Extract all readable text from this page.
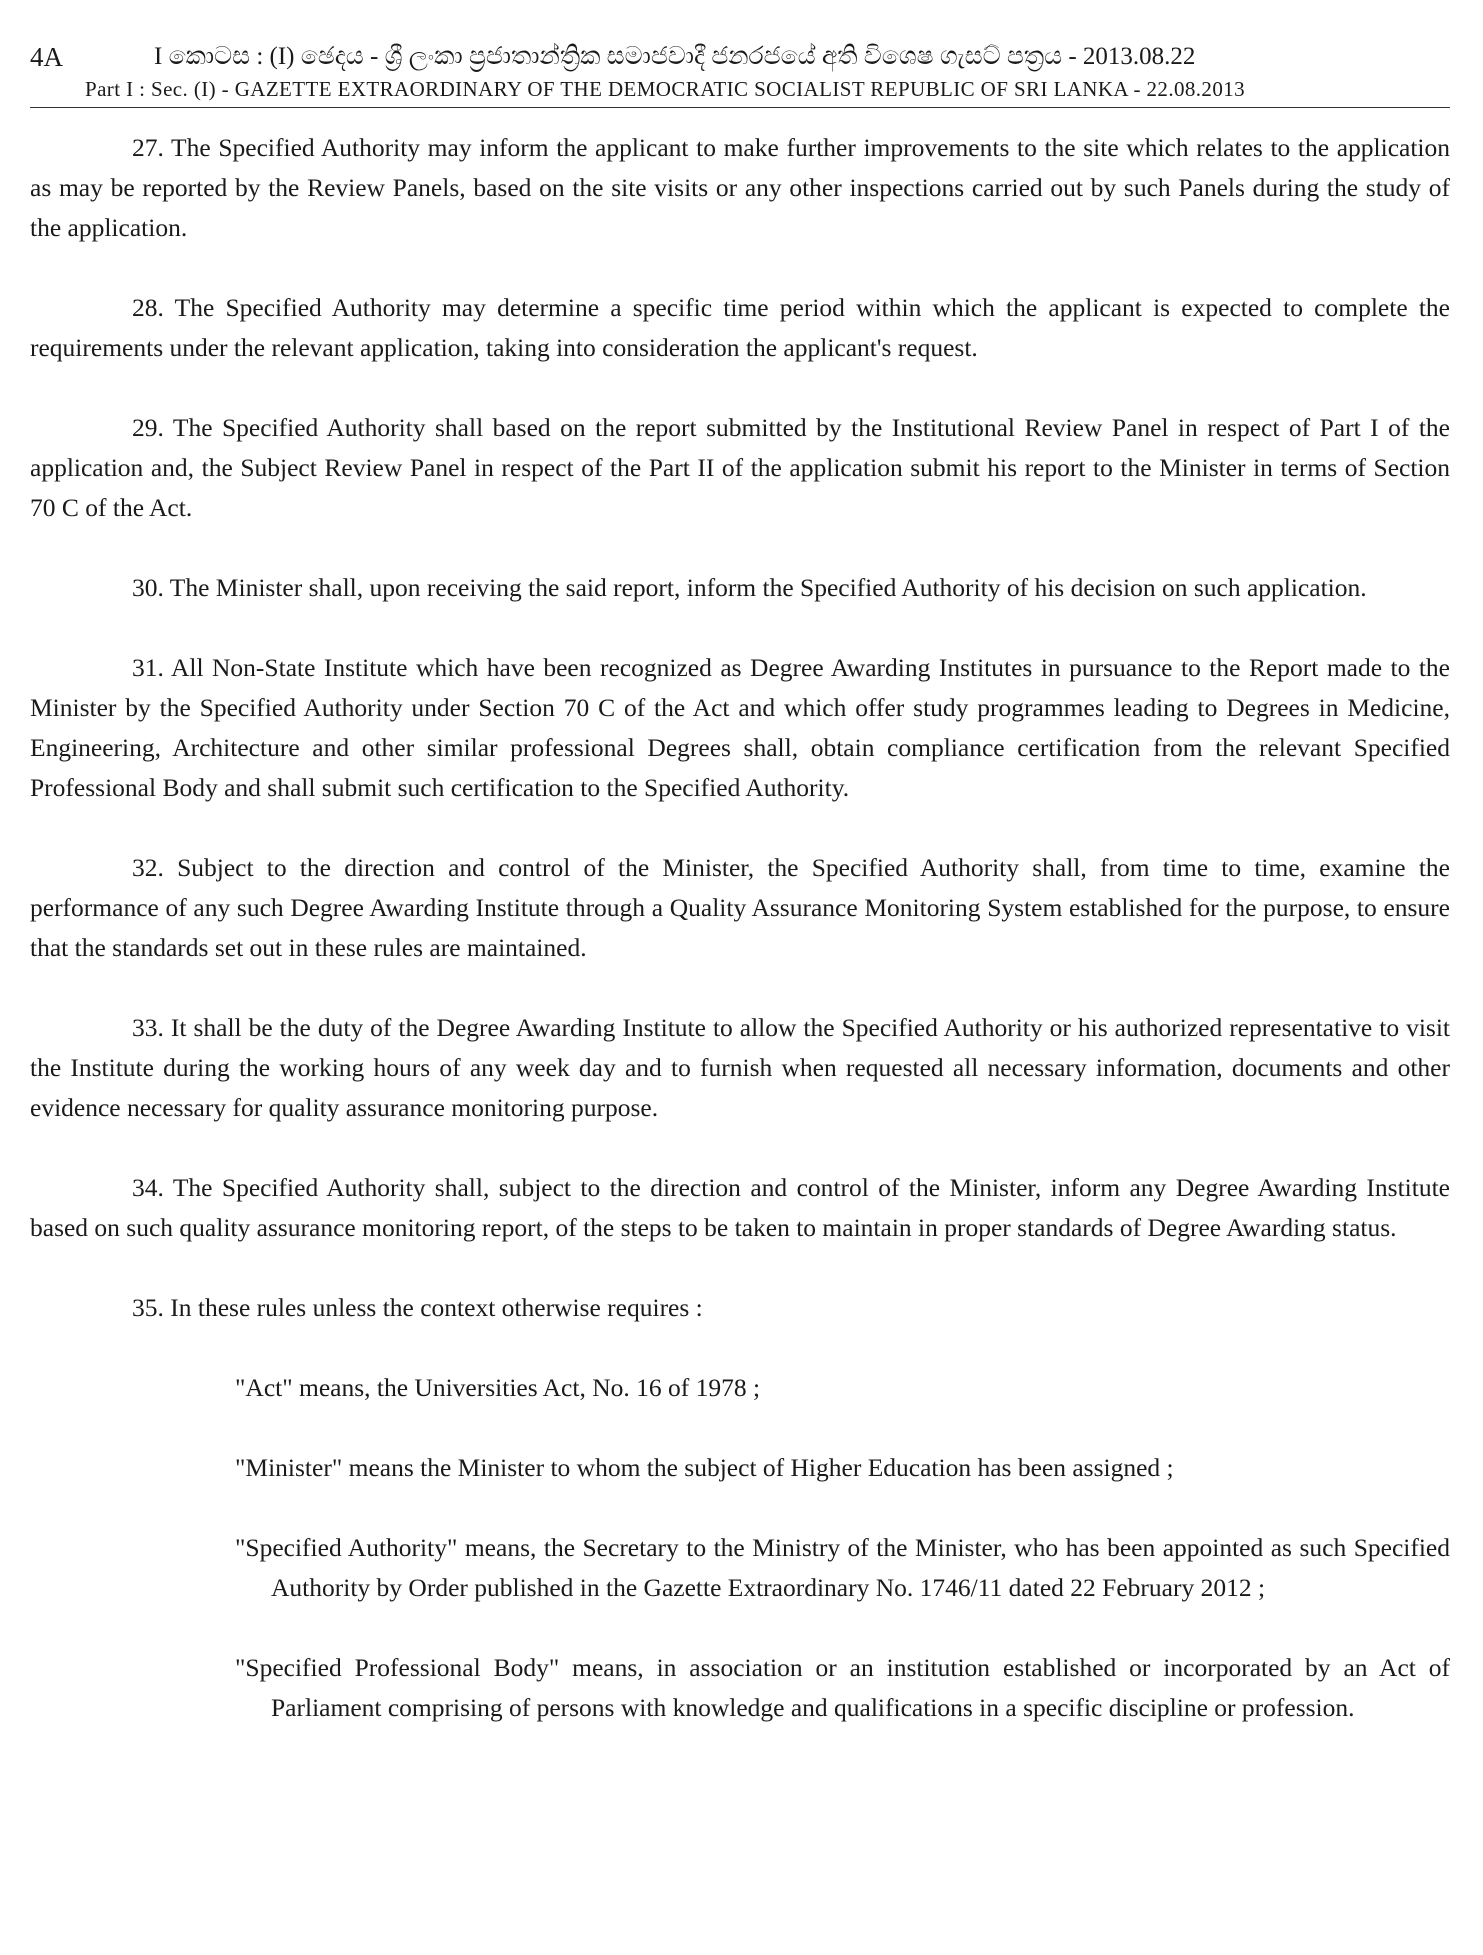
4A	I කොටස : (I) ඡෙදය - ශ්‍රී ලංකා ප්‍රජාතාන්ත්‍රික සමාජවාදී ජනරජයේ අති විශෙෂ ගැසට් පත්‍රය - 2013.08.22
Part I : Sec. (I) - GAZETTE EXTRAORDINARY OF THE DEMOCRATIC SOCIALIST REPUBLIC OF SRI LANKA - 22.08.2013

27. The Specified Authority may inform the applicant to make further improvements to the site which relates to the application as may be reported by the Review Panels, based on the site visits or any other inspections carried out by such Panels during the study of the application.

28. The Specified Authority may determine a specific time period within which the applicant is expected to complete the requirements under the relevant application, taking into consideration the applicant's request.

29. The Specified Authority shall based on the report submitted by the Institutional Review Panel in respect of Part I of the application and, the Subject Review Panel in respect of the Part II of the application submit his report to the Minister in terms of Section 70 C of the Act.

30. The Minister shall, upon receiving the said report, inform the Specified Authority of his decision on such application.

31. All Non-State Institute which have been recognized as Degree Awarding Institutes in pursuance to the Report made to the Minister by the Specified Authority under Section 70 C of the Act and which offer study programmes leading to Degrees in Medicine, Engineering, Architecture and other similar professional Degrees shall, obtain compliance certification from the relevant Specified Professional Body and shall submit such certification to the Specified Authority.

32. Subject to the direction and control of the Minister, the Specified Authority shall, from time to time, examine the performance of any such Degree Awarding Institute through a Quality Assurance Monitoring System established for the purpose, to ensure that the standards set out in these rules are maintained.

33. It shall be the duty of the Degree Awarding Institute to allow the Specified Authority or his authorized representative to visit the Institute during the working hours of any week day and to furnish when requested all necessary information, documents and other evidence necessary for quality assurance monitoring purpose.

34. The Specified Authority shall, subject to the direction and control of the Minister, inform any Degree Awarding Institute based on such quality assurance monitoring report, of the steps to be taken to maintain in proper standards of Degree Awarding status.

35. In these rules unless the context otherwise requires :

"Act" means, the Universities Act, No. 16 of 1978 ;

"Minister" means the Minister to whom the subject of Higher Education has been assigned ;

"Specified Authority" means, the Secretary to the Ministry of the Minister, who has been appointed as such Specified Authority by Order published in the Gazette Extraordinary No. 1746/11 dated 22 February 2012 ;

"Specified Professional Body" means, in association or an institution established or incorporated by an Act of Parliament comprising of persons with knowledge and qualifications in a specific discipline or profession.
